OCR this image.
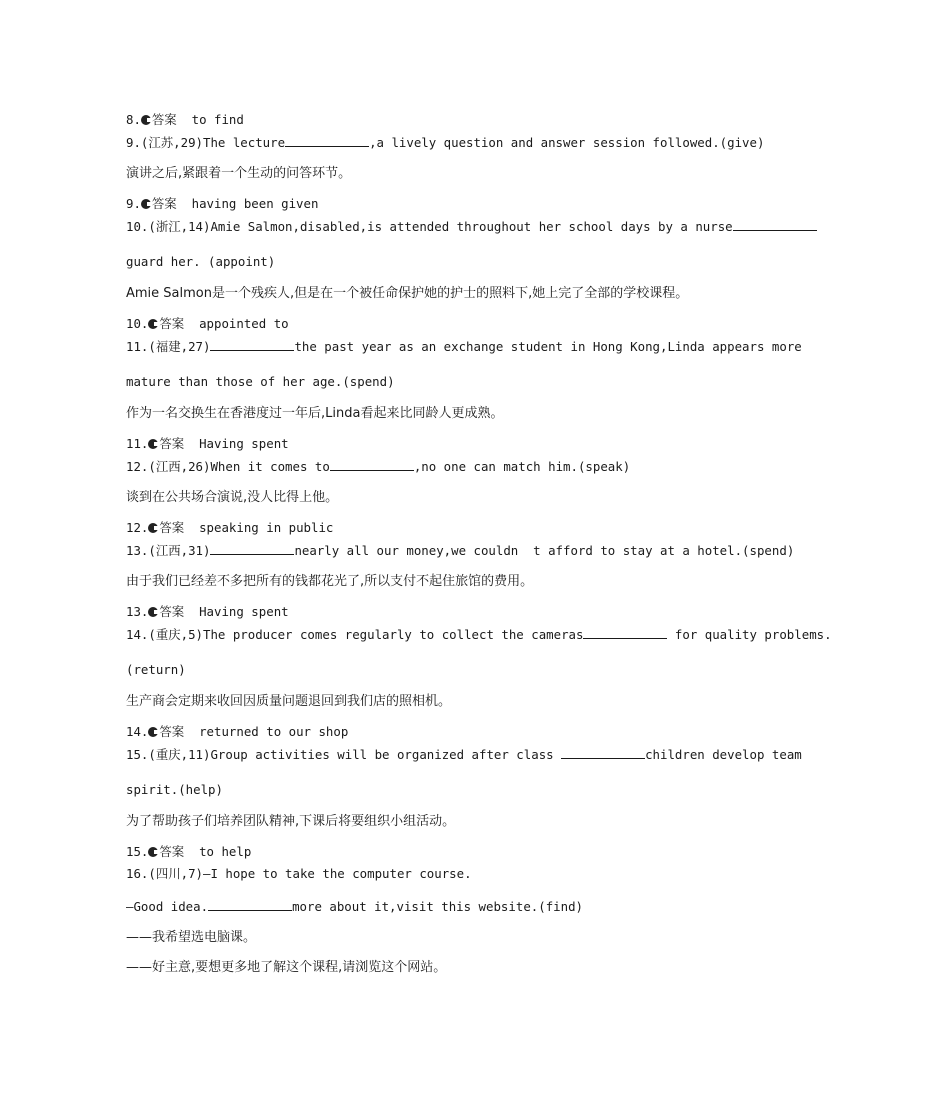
8. 答案  to find
9.(江苏,29)The lecture	,a lively question and answer session followed.(give)
演讲之后,紧跟着一个生动的问答环节。
9. 答案  having been given
10.(浙江,14)Amie Salmon,disabled,is attended throughout her school days by a nurse
guard her. (appoint)
Amie Salmon是一个残疾人,但是在一个被任命保护她的护士的照料下,她上完了全部的学校课程。
10. 答案  appointed to
11.(福建,27)	the past year as an exchange student in Hong Kong,Linda appears more
mature than those of her age.(spend)
作为一名交换生在香港度过一年后,Linda看起来比同龄人更成熟。
11. 答案  Having spent
12.(江西,26)When it comes to	,no one can match him.(speak)
谈到在公共场合演说,没人比得上他。
12. 答案  speaking in public
13.(江西,31)	nearly all our money,we couldn  t afford to stay at a hotel.(spend)
由于我们已经差不多把所有的钱都花光了,所以支付不起住旅馆的费用。
13. 答案  Having spent
14.(重庆,5)The producer comes regularly to collect the cameras	for quality problems.
(return)
生产商会定期来收回因质量问题退回到我们店的照相机。
14. 答案  returned to our shop
15.(重庆,11)Group activities will be organized after class	children develop team
spirit.(help)
为了帮助孩子们培养团队精神,下课后将要组织小组活动。
15. 答案  to help
16.(四川,7)—I hope to take the computer course.
—Good idea.	more about it,visit this website.(find)
——我希望选电脑课。
——好主意,要想更多地了解这个课程,请浏览这个网站。
